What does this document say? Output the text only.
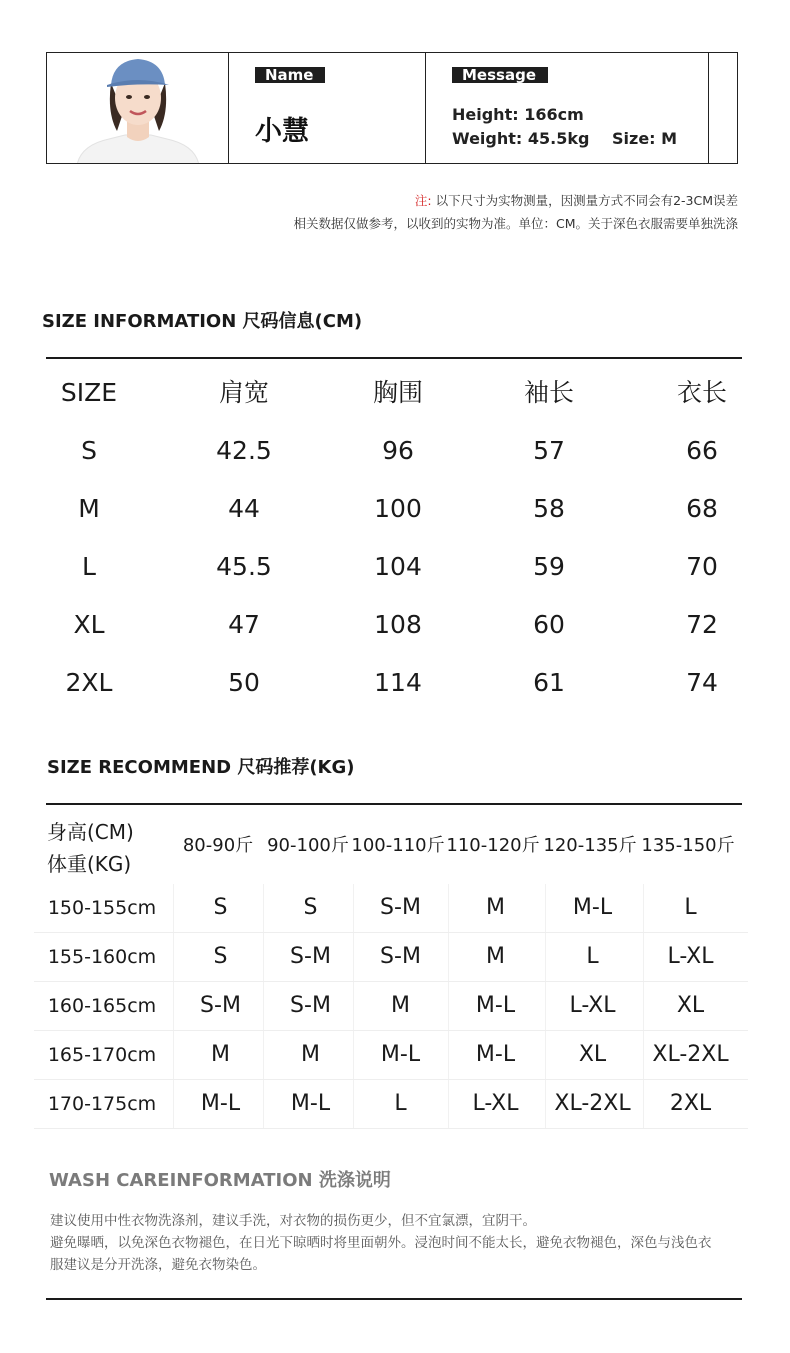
Name
小慧
Message
Height: 166cm
Weight: 45.5kg Size: M
注: 以下尺寸为实物测量，因测量方式不同会有2-3CM误差
相关数据仅做参考，以收到的实物为准。单位：CM。关于深色衣服需要单独洗涤
SIZE INFORMATION 尺码信息(CM)
SIZE	肩宽	胸围	袖长	衣长
S	42.5	96	57	66
M	44	100	58	68
L	45.5	104	59	70
XL	47	108	60	72
2XL	50	114	61	74
SIZE RECOMMEND 尺码推荐(KG)
身高(CM)
体重(KG)
80-90斤 90-100斤 100-110斤 110-120斤 120-135斤 135-150斤
150-155cm	S	S	S-M	M	M-L	L
155-160cm	S	S-M	S-M	M	L	L-XL
160-165cm	S-M	S-M	M	M-L	L-XL	XL
165-170cm	M	M	M-L	M-L	XL	XL-2XL
170-175cm	M-L	M-L	L	L-XL	XL-2XL	2XL
WASH CAREINFORMATION 洗涤说明

建议使用中性衣物洗涤剂，建议手洗，对衣物的损伤更少，但不宜氯漂，宜阴干。

避免曝晒，以免深色衣物褪色，在日光下晾晒时将里面朝外。浸泡时间不能太长，避免衣物褪色，深色与浅色衣

服建议是分开洗涤，避免衣物染色。
